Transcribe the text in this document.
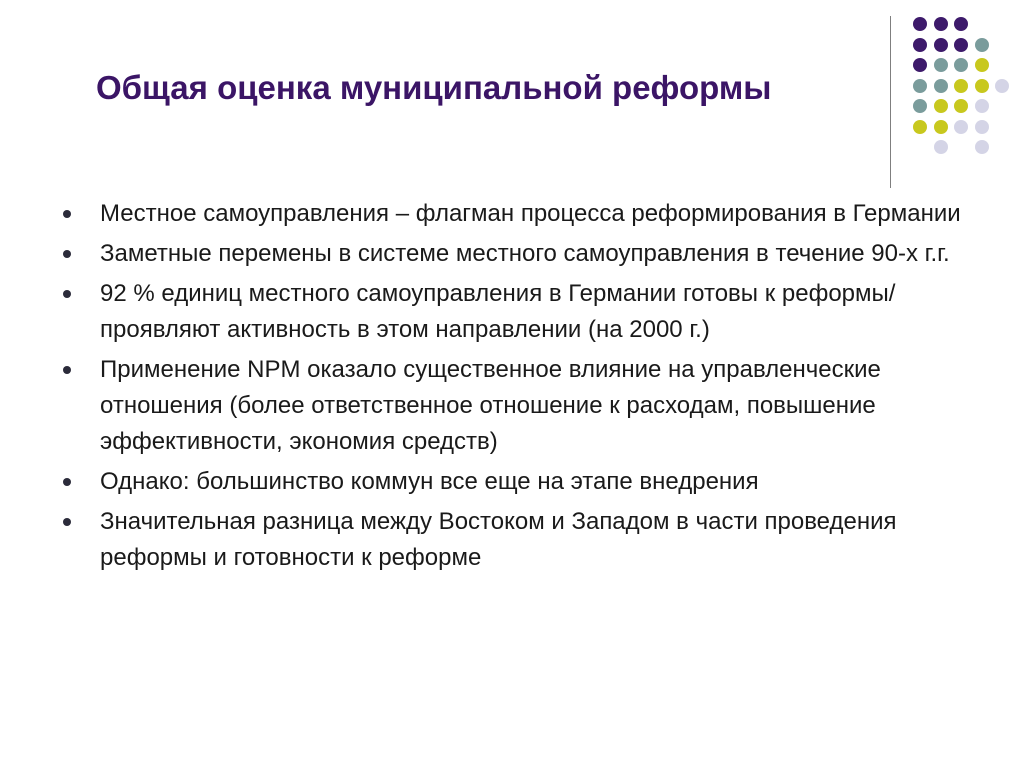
Общая оценка муниципальной реформы
Местное самоуправления – флагман процесса реформирования в Германии
Заметные перемены в системе местного самоуправления в течение 90-х г.г.
92 % единиц местного самоуправления в Германии готовы к реформы/проявляют активность в этом направлении (на 2000 г.)
Применение NPM оказало существенное влияние на управленческие отношения (более ответственное отношение к расходам, повышение эффективности, экономия средств)
Однако: большинство коммун все еще на этапе внедрения
Значительная разница между Востоком и Западом в части проведения реформы и готовности к реформе
